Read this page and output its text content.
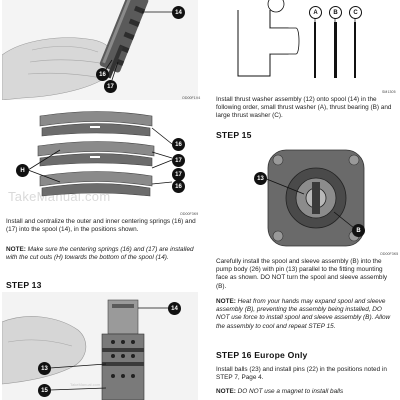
14
16
17
OD00F1V4
16
17
H
17
16
OD00F3K9
TakeManual.com
Install and centralize the outer and inner centering springs (16) and (17) into the spool (14), in the positions shown.
NOTE: Make sure the centering springs (16) and (17) are installed with the cut outs (H) towards the bottom of the spool (14).
STEP 13
14
13
15
TakeManual.com
A	B	C
SM1305
Install thrust washer assembly (12) onto spool (14) in the following order, small thrust washer (A), thrust bearing (B) and large thrust washer (C).
STEP 15
13
B
OD00F3K5
Carefully install the spool and sleeve assembly (B) into the pump body (26) with pin (13) parallel to the fitting mounting face as shown. DO NOT turn the spool and sleeve assembly (B).
NOTE: Heat from your hands may expand spool and sleeve assembly (B), preventing the assembly being installed, DO NOT use force to install spool and sleeve assembly (B). Allow the assembly to cool and repeat STEP 15.
STEP 16 Europe Only
Install balls (23) and install pins (22) in the positions noted in STEP 7, Page 4.
NOTE: DO NOT use a magnet to install balls
